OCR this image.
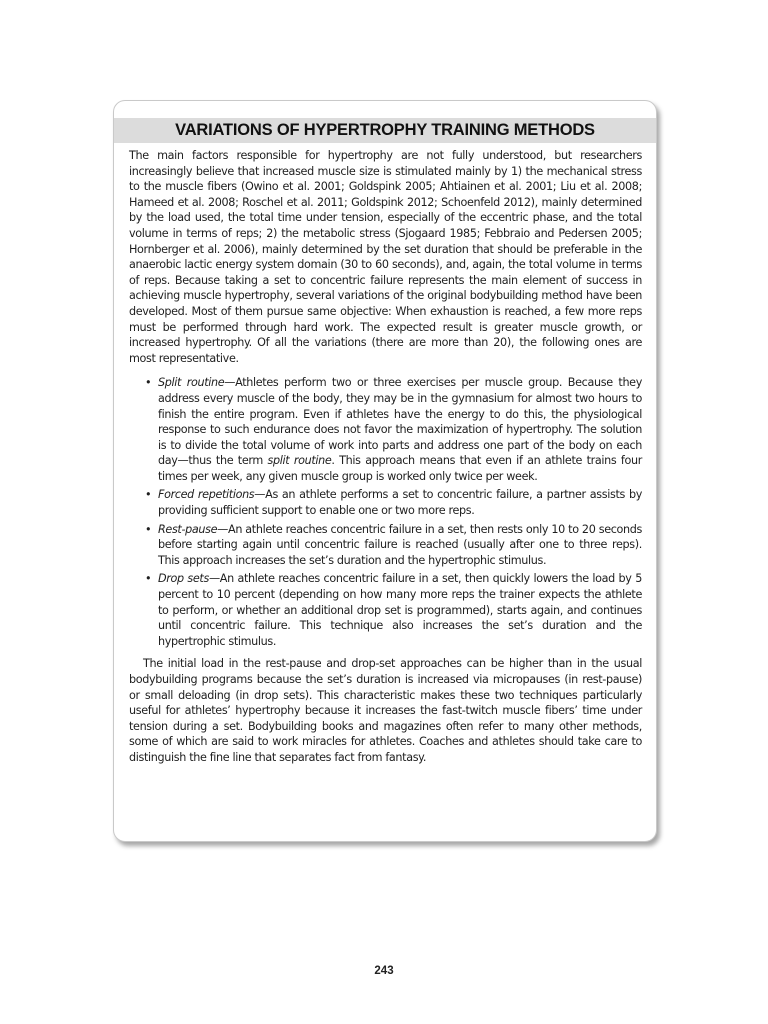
VARIATIONS OF HYPERTROPHY TRAINING METHODS

The main factors responsible for hypertrophy are not fully understood, but researchers increasingly believe that increased muscle size is stimulated mainly by 1) the mechanical stress to the muscle fibers (Owino et al. 2001; Goldspink 2005; Ahtiainen et al. 2001; Liu et al. 2008; Hameed et al. 2008; Roschel et al. 2011; Goldspink 2012; Schoenfeld 2012), mainly determined by the load used, the total time under tension, especially of the eccentric phase, and the total volume in terms of reps; 2) the metabolic stress (Sjogaard 1985; Febbraio and Pedersen 2005; Hornberger et al. 2006), mainly determined by the set duration that should be preferable in the anaerobic lactic energy system domain (30 to 60 seconds), and, again, the total volume in terms of reps. Because taking a set to concentric failure represents the main element of success in achieving muscle hypertrophy, several variations of the original bodybuilding method have been developed. Most of them pursue same objective: When exhaustion is reached, a few more reps must be performed through hard work. The expected result is greater muscle growth, or increased hypertrophy. Of all the variations (there are more than 20), the following ones are most representative.

• Split routine—Athletes perform two or three exercises per muscle group. Because they address every muscle of the body, they may be in the gymnasium for almost two hours to finish the entire program. Even if athletes have the energy to do this, the physiological response to such endurance does not favor the maximization of hypertrophy. The solution is to divide the total volume of work into parts and address one part of the body on each day—thus the term split routine. This approach means that even if an athlete trains four times per week, any given muscle group is worked only twice per week.
• Forced repetitions—As an athlete performs a set to concentric failure, a partner assists by providing sufficient support to enable one or two more reps.
• Rest-pause—An athlete reaches concentric failure in a set, then rests only 10 to 20 seconds before starting again until concentric failure is reached (usually after one to three reps). This approach increases the set’s duration and the hypertrophic stimulus.
• Drop sets—An athlete reaches concentric failure in a set, then quickly lowers the load by 5 percent to 10 percent (depending on how many more reps the trainer expects the athlete to perform, or whether an additional drop set is programmed), starts again, and continues until concentric failure. This technique also increases the set’s duration and the hypertrophic stimulus.

The initial load in the rest-pause and drop-set approaches can be higher than in the usual bodybuilding programs because the set’s duration is increased via micropauses (in rest-pause) or small deloading (in drop sets). This characteristic makes these two techniques particularly useful for athletes’ hypertrophy because it increases the fast-twitch muscle fibers’ time under tension during a set. Bodybuilding books and magazines often refer to many other methods, some of which are said to work miracles for athletes. Coaches and athletes should take care to distinguish the fine line that separates fact from fantasy.

243
